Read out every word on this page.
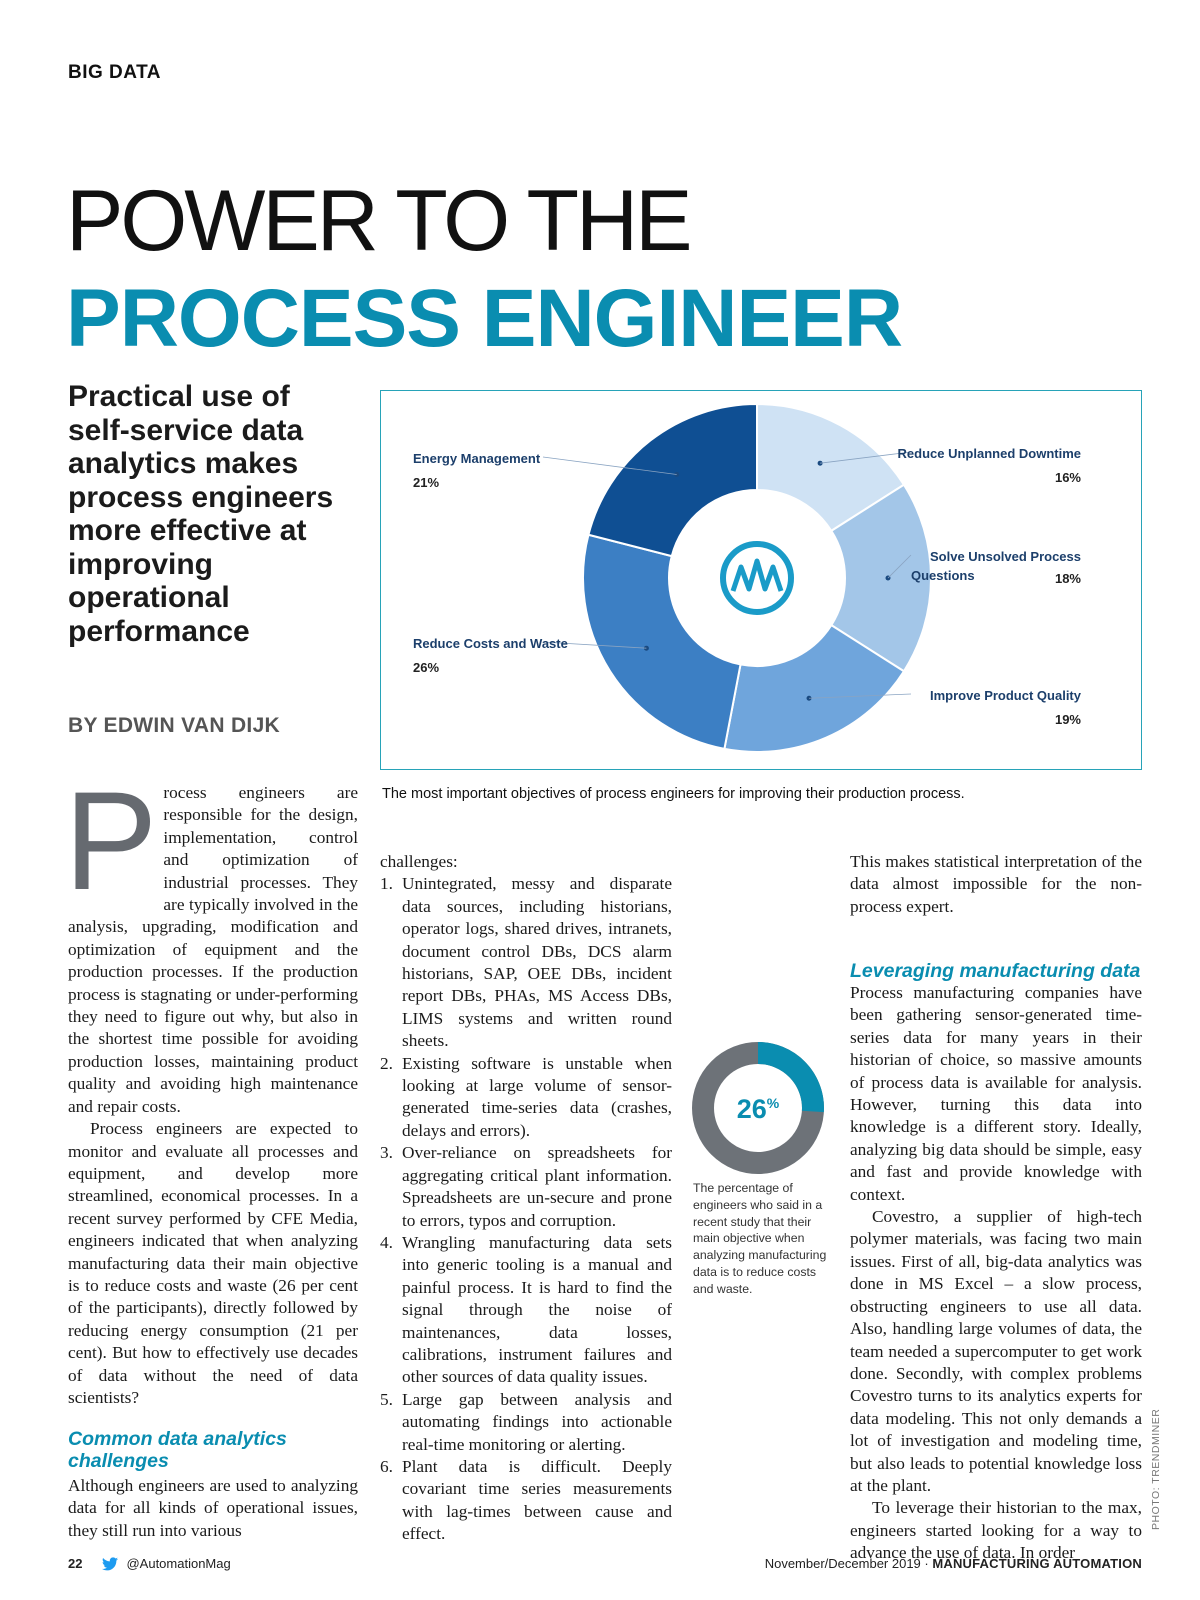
BIG DATA
POWER TO THE
PROCESS ENGINEER
Practical use of self-service data analytics makes process engineers more effective at improving operational performance
BY EDWIN VAN DIJK
Reduce Unplanned Downtime
16%
Solve Unsolved Process Questions	18%
Improve Product Quality
19%
Reduce Costs and Waste
26%
Energy Management
21%
The most important objectives of process engineers for improving their production process.
P rocess engineers are responsible for the design, implementation, control and optimization of industrial processes. They are typically involved in the analysis, upgrading, modification and optimization of equipment and the production processes. If the production process is stagnating or under-performing they need to figure out why, but also in the shortest time possible for avoiding production losses, maintaining product quality and avoiding high maintenance and repair costs.

Process engineers are expected to monitor and evaluate all processes and equipment, and develop more streamlined, economical processes. In a recent survey performed by CFE Media, engineers indicated that when analyzing manufacturing data their main objective is to reduce costs and waste (26 per cent of the participants), directly followed by reducing energy consumption (21 per cent). But how to effectively use decades of data without the need of data scientists?

Common data analytics challenges

Although engineers are used to analyzing data for all kinds of operational issues, they still run into various

challenges:

1. Unintegrated, messy and disparate data sources, including historians, operator logs, shared drives, intranets, document control DBs, DCS alarm historians, SAP, OEE DBs, incident report DBs, PHAs, MS Access DBs, LIMS systems and written round sheets.
2. Existing software is unstable when looking at large volume of sensor-generated time-series data (crashes, delays and errors).
3. Over-reliance on spreadsheets for aggregating critical plant information. Spreadsheets are un-secure and prone to errors, typos and corruption.
4. Wrangling manufacturing data sets into generic tooling is a manual and painful process. It is hard to find the signal through the noise of maintenances, data losses, calibrations, instrument failures and other sources of data quality issues.
5. Large gap between analysis and automating findings into actionable real-time monitoring or alerting.
6. Plant data is difficult. Deeply covariant time series measurements with lag-times between cause and effect.
26%
The percentage of engineers who said in a recent study that their main objective when analyzing manufacturing data is to reduce costs and waste.

This makes statistical interpretation of the data almost impossible for the non-process expert.

Leveraging manufacturing data

Process manufacturing companies have been gathering sensor-generated time-series data for many years in their historian of choice, so massive amounts of process data is available for analysis. However, turning this data into knowledge is a different story. Ideally, analyzing big data should be simple, easy and fast and provide knowledge with context.

Covestro, a supplier of high-tech polymer materials, was facing two main issues. First of all, big-data analytics was done in MS Excel – a slow process, obstructing engineers to use all data. Also, handling large volumes of data, the team needed a supercomputer to get work done. Secondly, with complex problems Covestro turns to its analytics experts for data modeling. This not only demands a lot of investigation and modeling time, but also leads to potential knowledge loss at the plant.

To leverage their historian to the max, engineers started looking for a way to advance the use of data. In order

PHOTO: TRENDMINER
22	@AutomationMag	November/December 2019 · MANUFACTURING AUTOMATION
